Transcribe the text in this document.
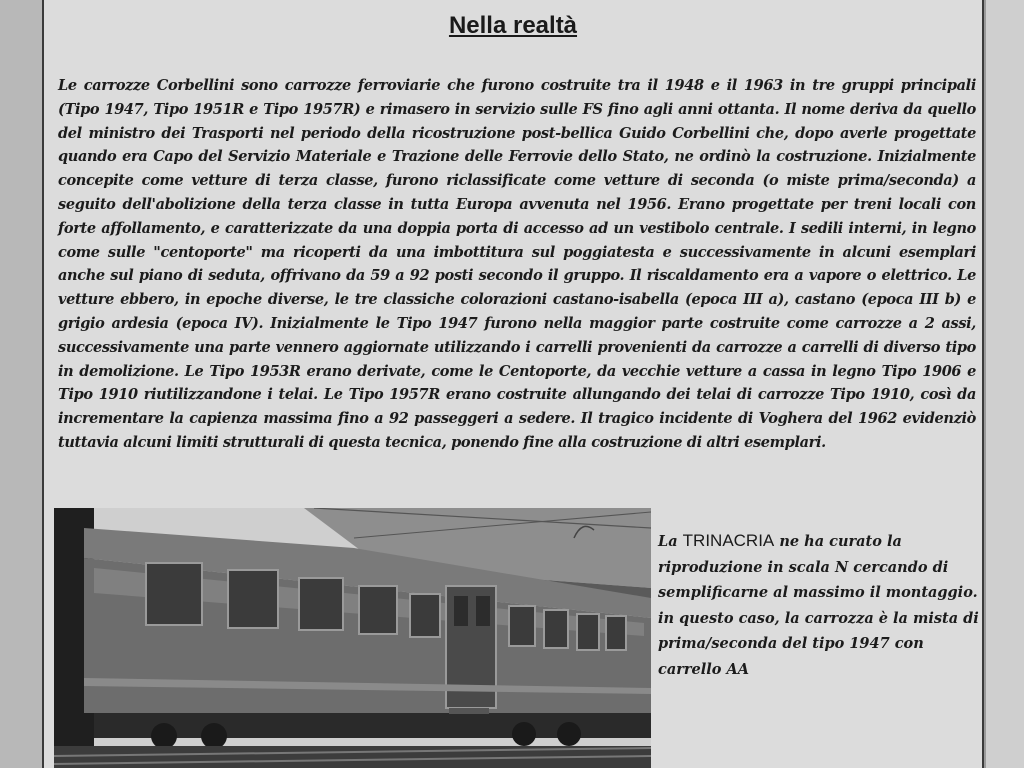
Nella realtà
Le carrozze Corbellini sono carrozze ferroviarie che furono costruite tra il 1948 e il 1963 in tre gruppi principali (Tipo 1947, Tipo 1951R e Tipo 1957R) e rimasero in servizio sulle FS fino agli anni ottanta. Il nome deriva da quello del ministro dei Trasporti nel periodo della ricostruzione post-bellica Guido Corbellini che, dopo averle progettate quando era Capo del Servizio Materiale e Trazione delle Ferrovie dello Stato, ne ordinò la costruzione. Inizialmente concepite come vetture di terza classe, furono riclassificate come vetture di seconda (o miste prima/seconda) a seguito dell'abolizione della terza classe in tutta Europa avvenuta nel 1956. Erano progettate per treni locali con forte affollamento, e caratterizzate da una doppia porta di accesso ad un vestibolo centrale. I sedili interni, in legno come sulle "centoporte" ma ricoperti da una imbottitura sul poggiatesta e successivamente in alcuni esemplari anche sul piano di seduta, offrivano da 59 a 92 posti secondo il gruppo. Il riscaldamento era a vapore o elettrico. Le vetture ebbero, in epoche diverse, le tre classiche colorazioni castano-isabella (epoca III a), castano (epoca III b) e grigio ardesia (epoca IV). Inizialmente le Tipo 1947 furono nella maggior parte costruite come carrozze a 2 assi, successivamente una parte vennero aggiornate utilizzando i carrelli provenienti da carrozze a carrelli di diverso tipo in demolizione. Le Tipo 1953R erano derivate, come le Centoporte, da vecchie vetture a cassa in legno Tipo 1906 e Tipo 1910 riutilizzandone i telai. Le Tipo 1957R erano costruite allungando dei telai di carrozze Tipo 1910, così da incrementare la capienza massima fino a 92 passeggeri a sedere. Il tragico incidente di Voghera del 1962 evidenziò tuttavia alcuni limiti strutturali di questa tecnica, ponendo fine alla costruzione di altri esemplari.
La TRINACRIA ne ha curato la riproduzione in scala N cercando di semplificarne al massimo il montaggio. in questo caso, la carrozza è la mista di prima/seconda del tipo 1947 con carrello AA
